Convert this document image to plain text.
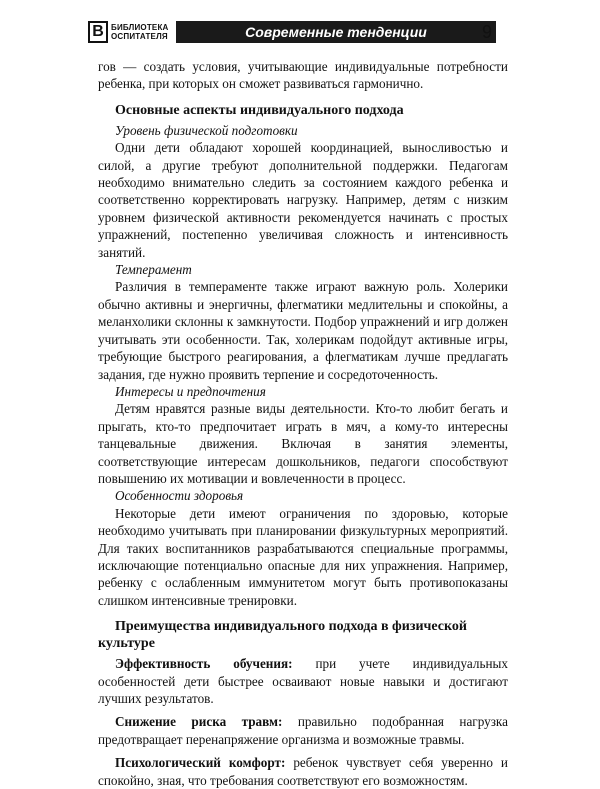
В БИБЛИОТЕКА
ОСПИТАТЕЛЯ	Современные тенденции	9

гов — создать условия, учитывающие индивидуальные потребности ребенка, при которых он сможет развиваться гармонично.

Основные аспекты индивидуального подхода

Уровень физической подготовки

Одни дети обладают хорошей координацией, выносливостью и силой, а другие требуют дополнительной поддержки. Педагогам необходимо внимательно следить за состоянием каждого ребенка и соответственно корректировать нагрузку. Например, детям с низким уровнем физической активности рекомендуется начинать с простых упражнений, постепенно увеличивая сложность и интенсивность занятий.

Темперамент

Различия в темпераменте также играют важную роль. Холерики обычно активны и энергичны, флегматики медлительны и спокойны, а меланхолики склонны к замкнутости. Подбор упражнений и игр должен учитывать эти особенности. Так, холерикам подойдут активные игры, требующие быстрого реагирования, а флегматикам лучше предлагать задания, где нужно проявить терпение и сосредоточенность.

Интересы и предпочтения

Детям нравятся разные виды деятельности. Кто-то любит бегать и прыгать, кто-то предпочитает играть в мяч, а кому-то интересны танцевальные движения. Включая в занятия элементы, соответствующие интересам дошкольников, педагоги способствуют повышению их мотивации и вовлеченности в процесс.

Особенности здоровья

Некоторые дети имеют ограничения по здоровью, которые необходимо учитывать при планировании физкультурных мероприятий. Для таких воспитанников разрабатываются специальные программы, исключающие потенциально опасные для них упражнения. Например, ребенку с ослабленным иммунитетом могут быть противопоказаны слишком интенсивные тренировки.

Преимущества индивидуального подхода в физической культуре

Эффективность обучения: при учете индивидуальных особенностей дети быстрее осваивают новые навыки и достигают лучших результатов.

Снижение риска травм: правильно подобранная нагрузка предотвращает перенапряжение организма и возможные травмы.

Психологический комфорт: ребенок чувствует себя уверенно и спокойно, зная, что требования соответствуют его возможностям.
